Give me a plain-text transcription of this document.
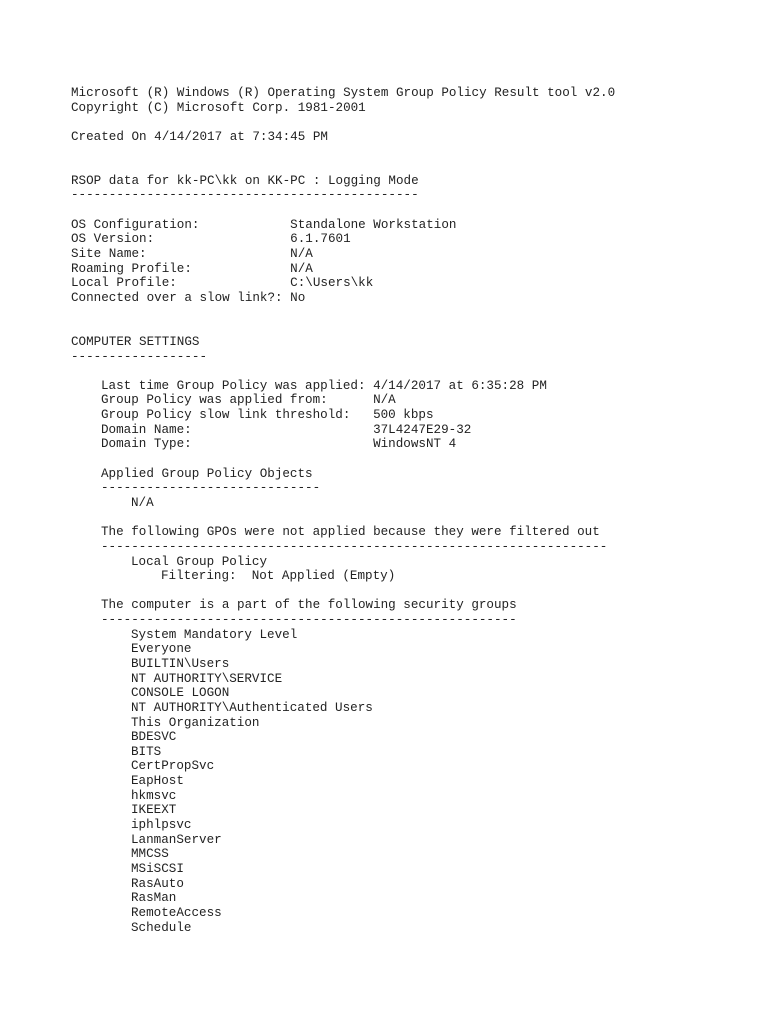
Microsoft (R) Windows (R) Operating System Group Policy Result tool v2.0
Copyright (C) Microsoft Corp. 1981-2001
Created On 4/14/2017 at 7:34:45 PM
RSOP data for kk-PC\kk on KK-PC : Logging Mode
----------------------------------------------
OS Configuration:            Standalone Workstation
OS Version:                  6.1.7601
Site Name:                   N/A
Roaming Profile:             N/A
Local Profile:               C:\Users\kk
Connected over a slow link?: No
COMPUTER SETTINGS
------------------
Last time Group Policy was applied: 4/14/2017 at 6:35:28 PM
Group Policy was applied from:      N/A
Group Policy slow link threshold:   500 kbps
Domain Name:                        37L4247E29-32
Domain Type:                        WindowsNT 4
Applied Group Policy Objects
-----------------------------
N/A
The following GPOs were not applied because they were filtered out
-------------------------------------------------------------------
Local Group Policy
Filtering:  Not Applied (Empty)
The computer is a part of the following security groups
-------------------------------------------------------
System Mandatory Level
Everyone
BUILTIN\Users
NT AUTHORITY\SERVICE
CONSOLE LOGON
NT AUTHORITY\Authenticated Users
This Organization
BDESVC
BITS
CertPropSvc
EapHost
hkmsvc
IKEEXT
iphlpsvc
LanmanServer
MMCSS
MSiSCSI
RasAuto
RasMan
RemoteAccess
Schedule
